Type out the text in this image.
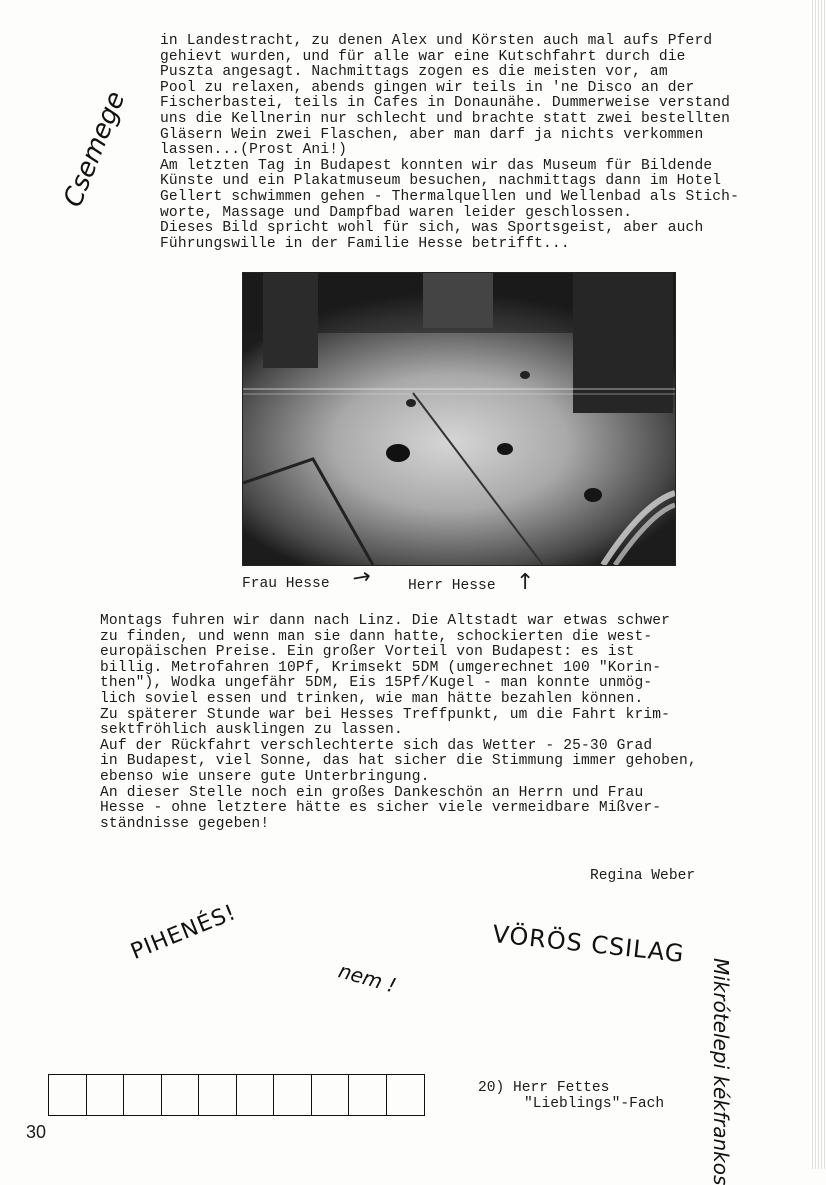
in Landestracht, zu denen Alex und Körsten auch mal aufs Pferd
gehievt wurden, und für alle war eine Kutschfahrt durch die
Puszta angesagt. Nachmittags zogen es die meisten vor, am
Pool zu relaxen, abends gingen wir teils in 'ne Disco an der
Fischerbastei, teils in Cafes in Donaunähe. Dummerweise verstand
uns die Kellnerin nur schlecht und brachte statt zwei bestellten
Gläsern Wein zwei Flaschen, aber man darf ja nichts verkommen
lassen...(Prost Ani!)
Am letzten Tag in Budapest konnten wir das Museum für Bildende
Künste und ein Plakatmuseum besuchen, nachmittags dann im Hotel
Gellert schwimmen gehen - Thermalquellen und Wellenbad als Stich-
worte, Massage und Dampfbad waren leider geschlossen.
Dieses Bild spricht wohl für sich, was Sportsgeist, aber auch
Führungswille in der Familie Hesse betrifft...
Frau Hesse ↗ Herr Hesse ↑
Montags fuhren wir dann nach Linz. Die Altstadt war etwas schwer
zu finden, und wenn man sie dann hatte, schockierten die west-
europäischen Preise. Ein großer Vorteil von Budapest: es ist
billig. Metrofahren 10Pf, Krimsekt 5DM (umgerechnet 100 "Korin-
then"), Wodka ungefähr 5DM, Eis 15Pf/Kugel - man konnte unmög-
lich soviel essen und trinken, wie man hätte bezahlen können.
Zu späterer Stunde war bei Hesses Treffpunkt, um die Fahrt krim-
sektfröhlich ausklingen zu lassen.
Auf der Rückfahrt verschlechterte sich das Wetter - 25-30 Grad
in Budapest, viel Sonne, das hat sicher die Stimmung immer gehoben,
ebenso wie unsere gute Unterbringung.
An dieser Stelle noch ein großes Dankeschön an Herrn und Frau
Hesse - ohne letztere hätte es sicher viele vermeidbare Mißver-
ständnisse gegeben!
Regina Weber
Csemege
PIHENÉS!
nem !
VÖRÖS CSILAG
Mikrótelepi kékfrankos
20) Herr Fettes
"Lieblings"-Fach
30
